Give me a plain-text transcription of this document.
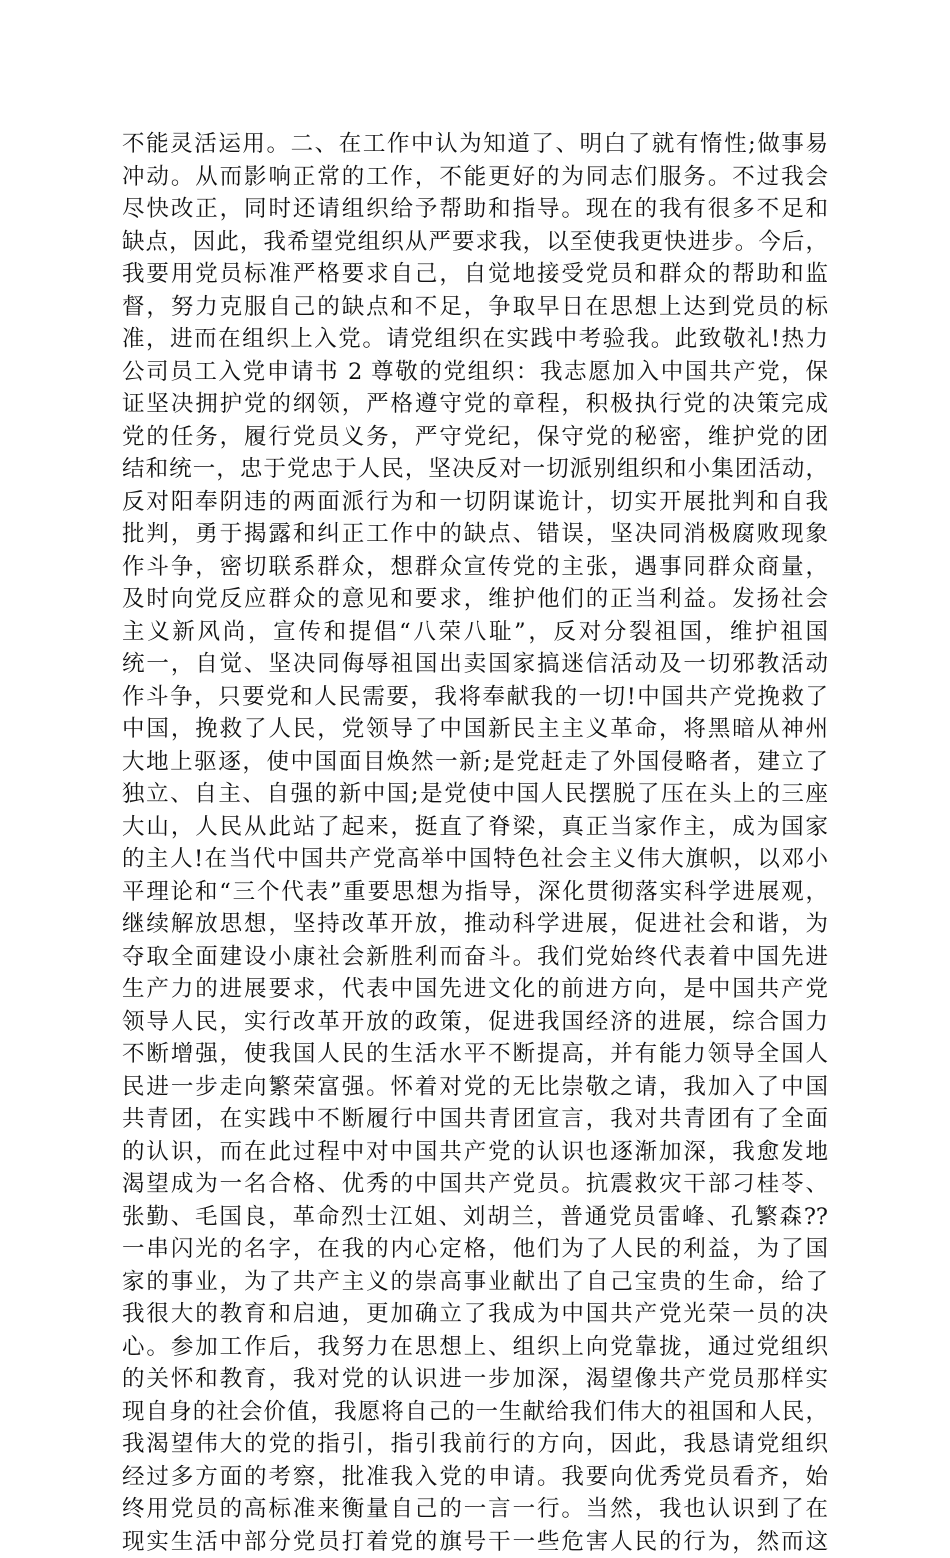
不能灵活运用。二、在工作中认为知道了、明白了就有惰性;做事易
冲动。从而影响正常的工作，不能更好的为同志们服务。不过我会
尽快改正，同时还请组织给予帮助和指导。现在的我有很多不足和
缺点，因此，我希望党组织从严要求我，以至使我更快进步。今后，
我要用党员标准严格要求自己，自觉地接受党员和群众的帮助和监
督，努力克服自己的缺点和不足，争取早日在思想上达到党员的标
准，进而在组织上入党。请党组织在实践中考验我。此致敬礼!热力
公司员工入党申请书 2 尊敬的党组织：我志愿加入中国共产党，保
证坚决拥护党的纲领，严格遵守党的章程，积极执行党的决策完成
党的任务，履行党员义务，严守党纪，保守党的秘密，维护党的团
结和统一，忠于党忠于人民，坚决反对一切派别组织和小集团活动，
反对阳奉阴违的两面派行为和一切阴谋诡计，切实开展批判和自我
批判，勇于揭露和纠正工作中的缺点、错误，坚决同消极腐败现象
作斗争，密切联系群众，想群众宣传党的主张，遇事同群众商量，
及时向党反应群众的意见和要求，维护他们的正当利益。发扬社会
主义新风尚，宣传和提倡“八荣八耻”，反对分裂祖国，维护祖国
统一，自觉、坚决同侮辱祖国出卖国家搞迷信活动及一切邪教活动
作斗争，只要党和人民需要，我将奉献我的一切!中国共产党挽救了
中国，挽救了人民，党领导了中国新民主主义革命，将黑暗从神州
大地上驱逐，使中国面目焕然一新;是党赶走了外国侵略者，建立了
独立、自主、自强的新中国;是党使中国人民摆脱了压在头上的三座
大山，人民从此站了起来，挺直了脊梁，真正当家作主，成为国家
的主人!在当代中国共产党高举中国特色社会主义伟大旗帜，以邓小
平理论和“三个代表”重要思想为指导，深化贯彻落实科学进展观，
继续解放思想，坚持改革开放，推动科学进展，促进社会和谐，为
夺取全面建设小康社会新胜利而奋斗。我们党始终代表着中国先进
生产力的进展要求，代表中国先进文化的前进方向，是中国共产党
领导人民，实行改革开放的政策，促进我国经济的进展，综合国力
不断增强，使我国人民的生活水平不断提高，并有能力领导全国人
民进一步走向繁荣富强。怀着对党的无比崇敬之请，我加入了中国
共青团，在实践中不断履行中国共青团宣言，我对共青团有了全面
的认识，而在此过程中对中国共产党的认识也逐渐加深，我愈发地
渴望成为一名合格、优秀的中国共产党员。抗震救灾干部刁桂苓、
张勤、毛国良，革命烈士江姐、刘胡兰，普通党员雷峰、孔繁森??
一串闪光的名字，在我的内心定格，他们为了人民的利益，为了国
家的事业，为了共产主义的崇高事业献出了自己宝贵的生命，给了
我很大的教育和启迪，更加确立了我成为中国共产党光荣一员的决
心。参加工作后，我努力在思想上、组织上向党靠拢，通过党组织
的关怀和教育，我对党的认识进一步加深，渴望像共产党员那样实
现自身的社会价值，我愿将自己的一生献给我们伟大的祖国和人民，
我渴望伟大的党的指引，指引我前行的方向，因此，我恳请党组织
经过多方面的考察，批准我入党的申请。我要向优秀党员看齐，始
终用党员的高标准来衡量自己的一言一行。当然，我也认识到了在
现实生活中部分党员打着党的旗号干一些危害人民的行为，然而这
